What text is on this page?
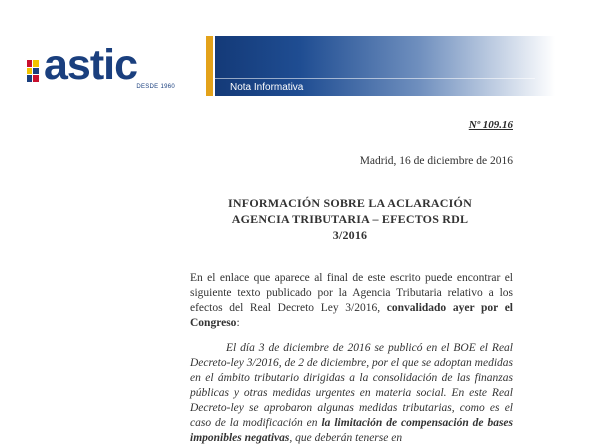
astic DESDE 1960	Nota Informativa
Nº 109.16
Madrid, 16 de diciembre de 2016
INFORMACIÓN SOBRE LA ACLARACIÓN
AGENCIA TRIBUTARIA – EFECTOS RDL
3/2016

En el enlace que aparece al final de este escrito puede encontrar el siguiente texto publicado por la Agencia Tributaria relativo a los efectos del Real Decreto Ley 3/2016, convalidado ayer por el Congreso:

El día 3 de diciembre de 2016 se publicó en el BOE el Real Decreto-ley 3/2016, de 2 de diciembre, por el que se adoptan medidas en el ámbito tributario dirigidas a la consolidación de las finanzas públicas y otras medidas urgentes en materia social. En este Real Decreto-ley se aprobaron algunas medidas tributarias, como es el caso de la modificación en la limitación de compensación de bases imponibles negativas, que deberán tenerse en
